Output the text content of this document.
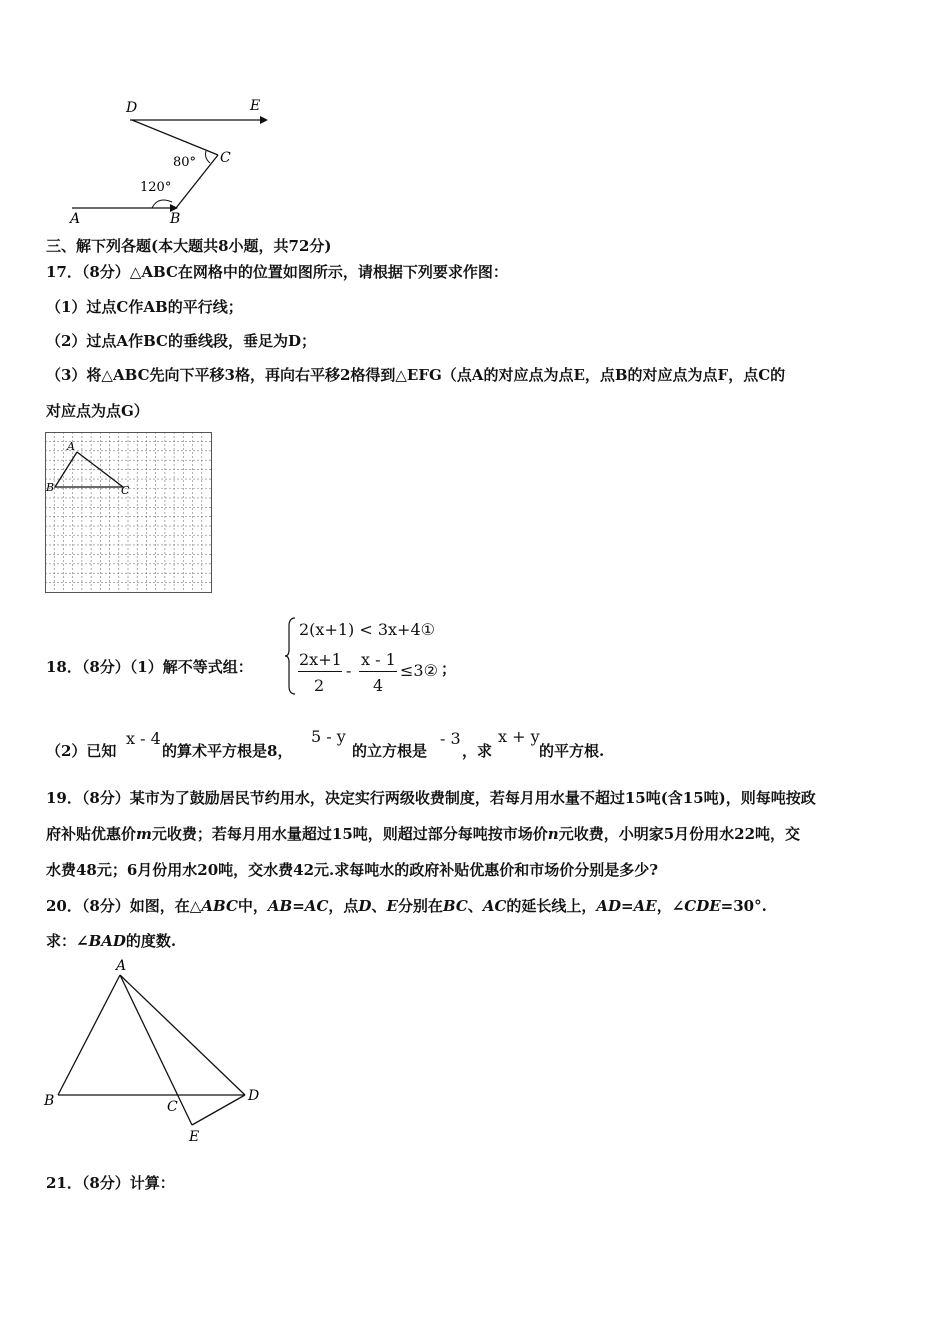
D	E
C
A	B
80°
120°
三、解下列各题(本大题共8小题，共72分)
17．（8分）△ABC在网格中的位置如图所示，请根据下列要求作图：
（1）过点C作AB的平行线；
（2）过点A作BC的垂线段，垂足为D；
（3）将△ABC先向下平移3格，再向右平移2格得到△EFG（点A的对应点为点E，点B的对应点为点F，点C的
对应点为点G）
A
B	C
18．（8分）（1）解不等式组：
2(x+1) < 3x+4①
2x+1
2
-
x - 1
4
≤3② ；
（2）已知
x - 4
的算术平方根是8，
5 - y
的立方根是
- 3
，求
x + y
的平方根.
19．（8分）某市为了鼓励居民节约用水，决定实行两级收费制度，若每月用水量不超过15吨(含15吨)，则每吨按政
府补贴优惠价m元收费；若每月用水量超过15吨，则超过部分每吨按市场价n元收费，小明家5月份用水22吨，交
水费48元；6月份用水20吨，交水费42元.求每吨水的政府补贴优惠价和市场价分别是多少?
20．（8分）如图，在△ABC中，AB=AC，点D、E分别在BC、AC的延长线上，AD=AE，∠CDE=30°.
求：∠BAD的度数.
A
B	C
D
E
21．（8分）计算：
